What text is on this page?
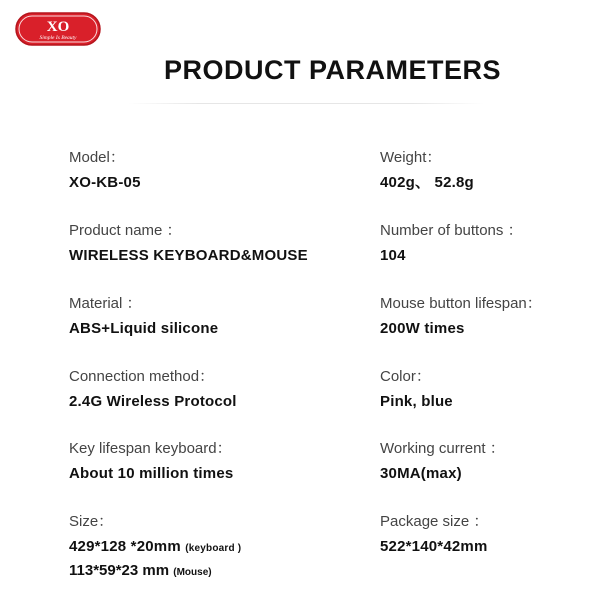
XO
Simple Is Beauty
PRODUCT PARAMETERS
Model：
XO-KB-05
Weight：
402g、 52.8g
Product name ：
WIRELESS KEYBOARD&MOUSE
Number of buttons ：
104
Material ：
ABS+Liquid silicone
Mouse button lifespan：
200W times
Connection method：
2.4G Wireless Protocol
Color：
Pink, blue
Key lifespan keyboard：
About 10 million times
Working current ：
30MA(max)
Size：
429*128 *20mm (keyboard )
113*59*23 mm (Mouse)
Package size ：
522*140*42mm
